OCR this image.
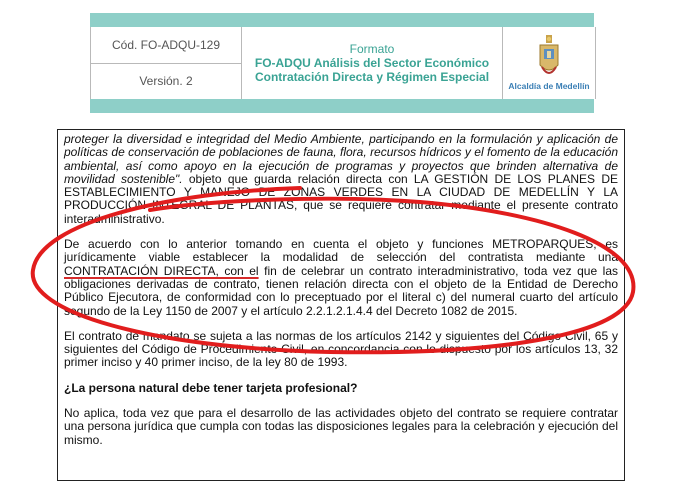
Cód. FO-ADQU-129
Versión. 2
Formato
FO-ADQU Análisis del Sector Económico
Contratación Directa y Régimen Especial
Alcaldía de Medellín

proteger la diversidad e integridad del Medio Ambiente, participando en la formulación y aplicación de políticas de conservación de poblaciones de fauna, flora, recursos hídricos y el fomento de la educación ambiental, así como apoyo en la ejecución de programas y proyectos que brinden alternativa de movilidad sostenible". objeto que guarda relación directa con LA GESTIÓN DE LOS PLANES DE ESTABLECIMIENTO Y MANEJO DE ZONAS VERDES EN LA CIUDAD DE MEDELLÍN Y LA PRODUCCIÓN INTEGRAL DE PLANTAS, que se requiere contratar mediante el presente contrato interadministrativo.

De acuerdo con lo anterior tomando en cuenta el objeto y funciones METROPARQUES, es jurídicamente viable establecer la modalidad de selección del contratista mediante una CONTRATACIÓN DIRECTA, con el fin de celebrar un contrato interadministrativo, toda vez que las obligaciones derivadas de contrato, tienen relación directa con el objeto de la Entidad de Derecho Público Ejecutora, de conformidad con lo preceptuado por el literal c) del numeral cuarto del artículo segundo de la Ley 1150 de 2007 y el artículo 2.2.1.2.1.4.4 del Decreto 1082 de 2015.

El contrato de mandato se sujeta a las normas de los artículos 2142 y siguientes del Código Civil, 65 y siguientes del Código de Procedimiento Civil, en concordancia con lo dispuesto por los artículos 13, 32 primer inciso y 40 primer inciso, de la ley 80 de 1993.

¿La persona natural debe tener tarjeta profesional?

No aplica, toda vez que para el desarrollo de las actividades objeto del contrato se requiere contratar una persona jurídica que cumpla con todas las disposiciones legales para la celebración y ejecución del mismo.
